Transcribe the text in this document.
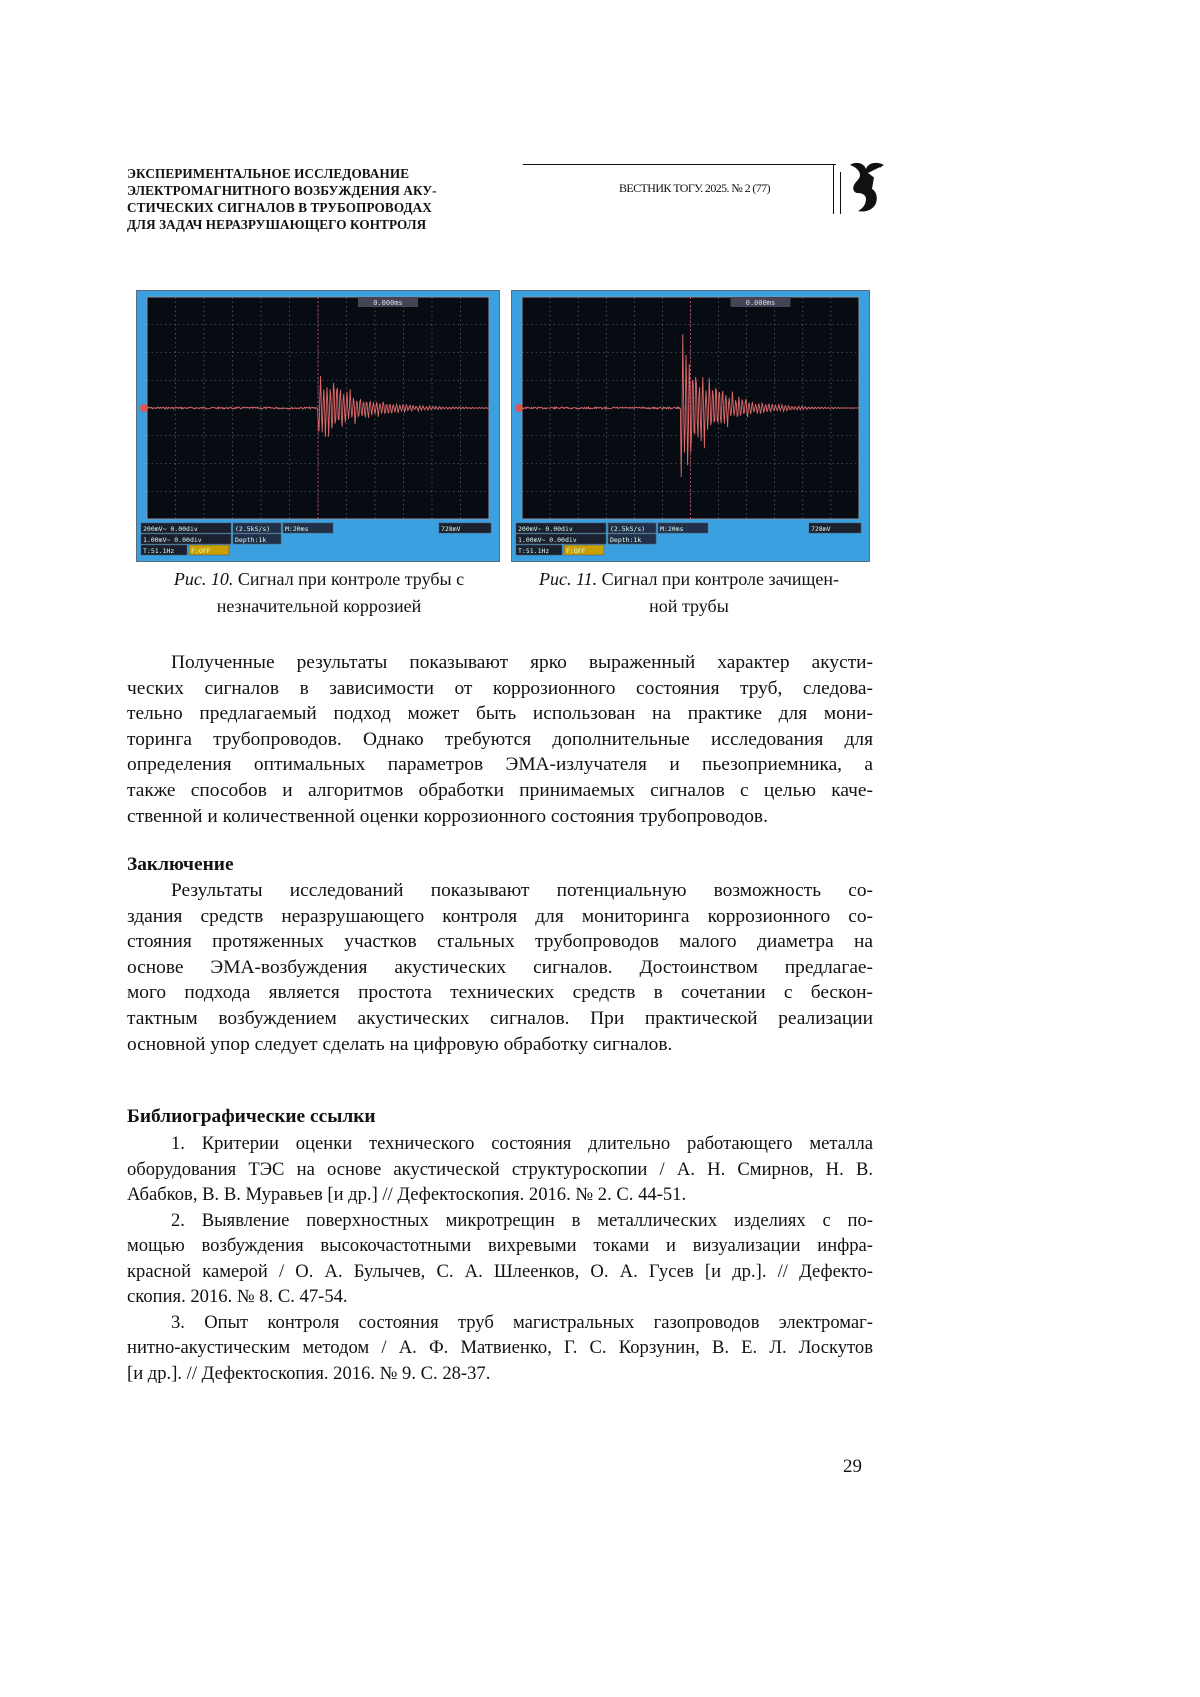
ЭКСПЕРИМЕНТАЛЬНОЕ ИССЛЕДОВАНИЕ
ЭЛЕКТРОМАГНИТНОГО ВОЗБУЖДЕНИЯ АКУ-
СТИЧЕСКИХ СИГНАЛОВ В ТРУБОПРОВОДАХ
ДЛЯ ЗАДАЧ НЕРАЗРУШАЮЩЕГО КОНТРОЛЯ
ВЕСТНИК ТОГУ. 2025. № 2 (77)
0.000ms
200mV~ 0.00div	(2.5kS/s) M:20ms
1.00mV~ 0.00div	Depth:1k
T:51.1Hz	F:OFF
728mV
Рис. 10. Сигнал при контроле трубы с
незначительной коррозией
0.000ms
200mV~ 0.00div	(2.5kS/s) M:20ms
1.00mV~ 0.00div	Depth:1k
T:51.1Hz	F:OFF
728mV
Рис. 11. Сигнал при контроле зачищен-
ной трубы
Полученные результаты показывают ярко выраженный характер акусти-
ческих сигналов в зависимости от коррозионного состояния труб, следова-
тельно предлагаемый подход может быть использован на практике для мони-
торинга трубопроводов. Однако требуются дополнительные исследования для
определения оптимальных параметров ЭМА-излучателя и пьезоприемника, а
также способов и алгоритмов обработки принимаемых сигналов с целью каче-
ственной и количественной оценки коррозионного состояния трубопроводов.
Заключение
Результаты исследований показывают потенциальную возможность со-
здания средств неразрушающего контроля для мониторинга коррозионного со-
стояния протяженных участков стальных трубопроводов малого диаметра на
основе ЭМА-возбуждения акустических сигналов. Достоинством предлагае-
мого подхода является простота технических средств в сочетании с бескон-
тактным возбуждением акустических сигналов. При практической реализации
основной упор следует сделать на цифровую обработку сигналов.
Библиографические ссылки
1. Критерии оценки технического состояния длительно работающего металла
оборудования ТЭС на основе акустической структуроскопии / А. Н. Смирнов, Н. В.
Абабков, В. В. Муравьев [и др.] // Дефектоскопия. 2016. № 2. С. 44-51.
2. Выявление поверхностных микротрещин в металлических изделиях с по-
мощью возбуждения высокочастотными вихревыми токами и визуализации инфра-
красной камерой / О. А. Булычев, С. А. Шлеенков, О. А. Гусев [и др.]. // Дефекто-
скопия. 2016. № 8. С. 47-54.
3. Опыт контроля состояния труб магистральных газопроводов электромаг-
нитно-акустическим методом / А. Ф. Матвиенко, Г. С. Корзунин, В. Е. Л. Лоскутов
[и др.]. // Дефектоскопия. 2016. № 9. С. 28-37.
29
